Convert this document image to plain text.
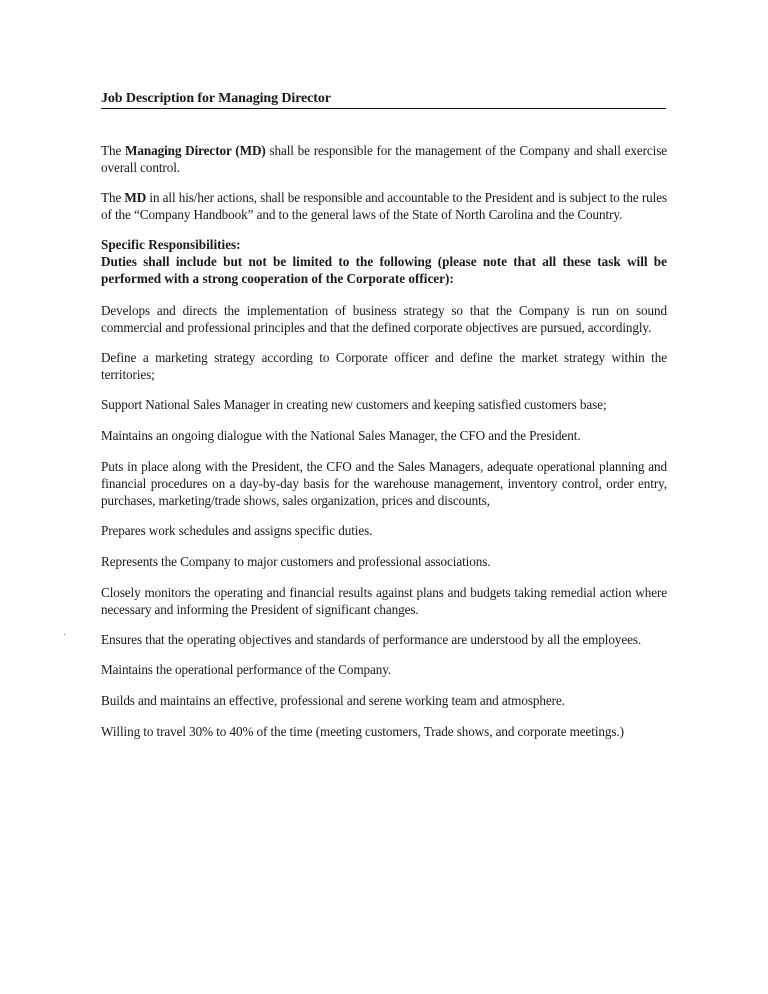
Job Description for Managing Director

The Managing Director (MD) shall be responsible for the management of the Company and shall exercise overall control.

The MD in all his/her actions, shall be responsible and accountable to the President and is subject to the rules of the “Company Handbook” and to the general laws of the State of North Carolina and the Country.

Specific Responsibilities:

Duties shall include but not be limited to the following (please note that all these task will be performed with a strong cooperation of the Corporate officer):

Develops and directs the implementation of business strategy so that the Company is run on sound commercial and professional principles and that the defined corporate objectives are pursued, accordingly.

Define a marketing strategy according to Corporate officer and define the market strategy within the territories;

Support National Sales Manager in creating new customers and keeping satisfied customers base;

Maintains an ongoing dialogue with the National Sales Manager, the CFO and the President.

Puts in place along with the President, the CFO and the Sales Managers, adequate operational planning and financial procedures on a day-by-day basis for the warehouse management, inventory control, order entry, purchases, marketing/trade shows, sales organization, prices and discounts,

Prepares work schedules and assigns specific duties.

Represents the Company to major customers and professional associations.

Closely monitors the operating and financial results against plans and budgets taking remedial action where necessary and informing the President of significant changes.

Ensures that the operating objectives and standards of performance are understood by all the employees.

Maintains the operational performance of the Company.

Builds and maintains an effective, professional and serene working team and atmosphere.

Willing to travel 30% to 40% of the time (meeting customers, Trade shows, and corporate meetings.)
